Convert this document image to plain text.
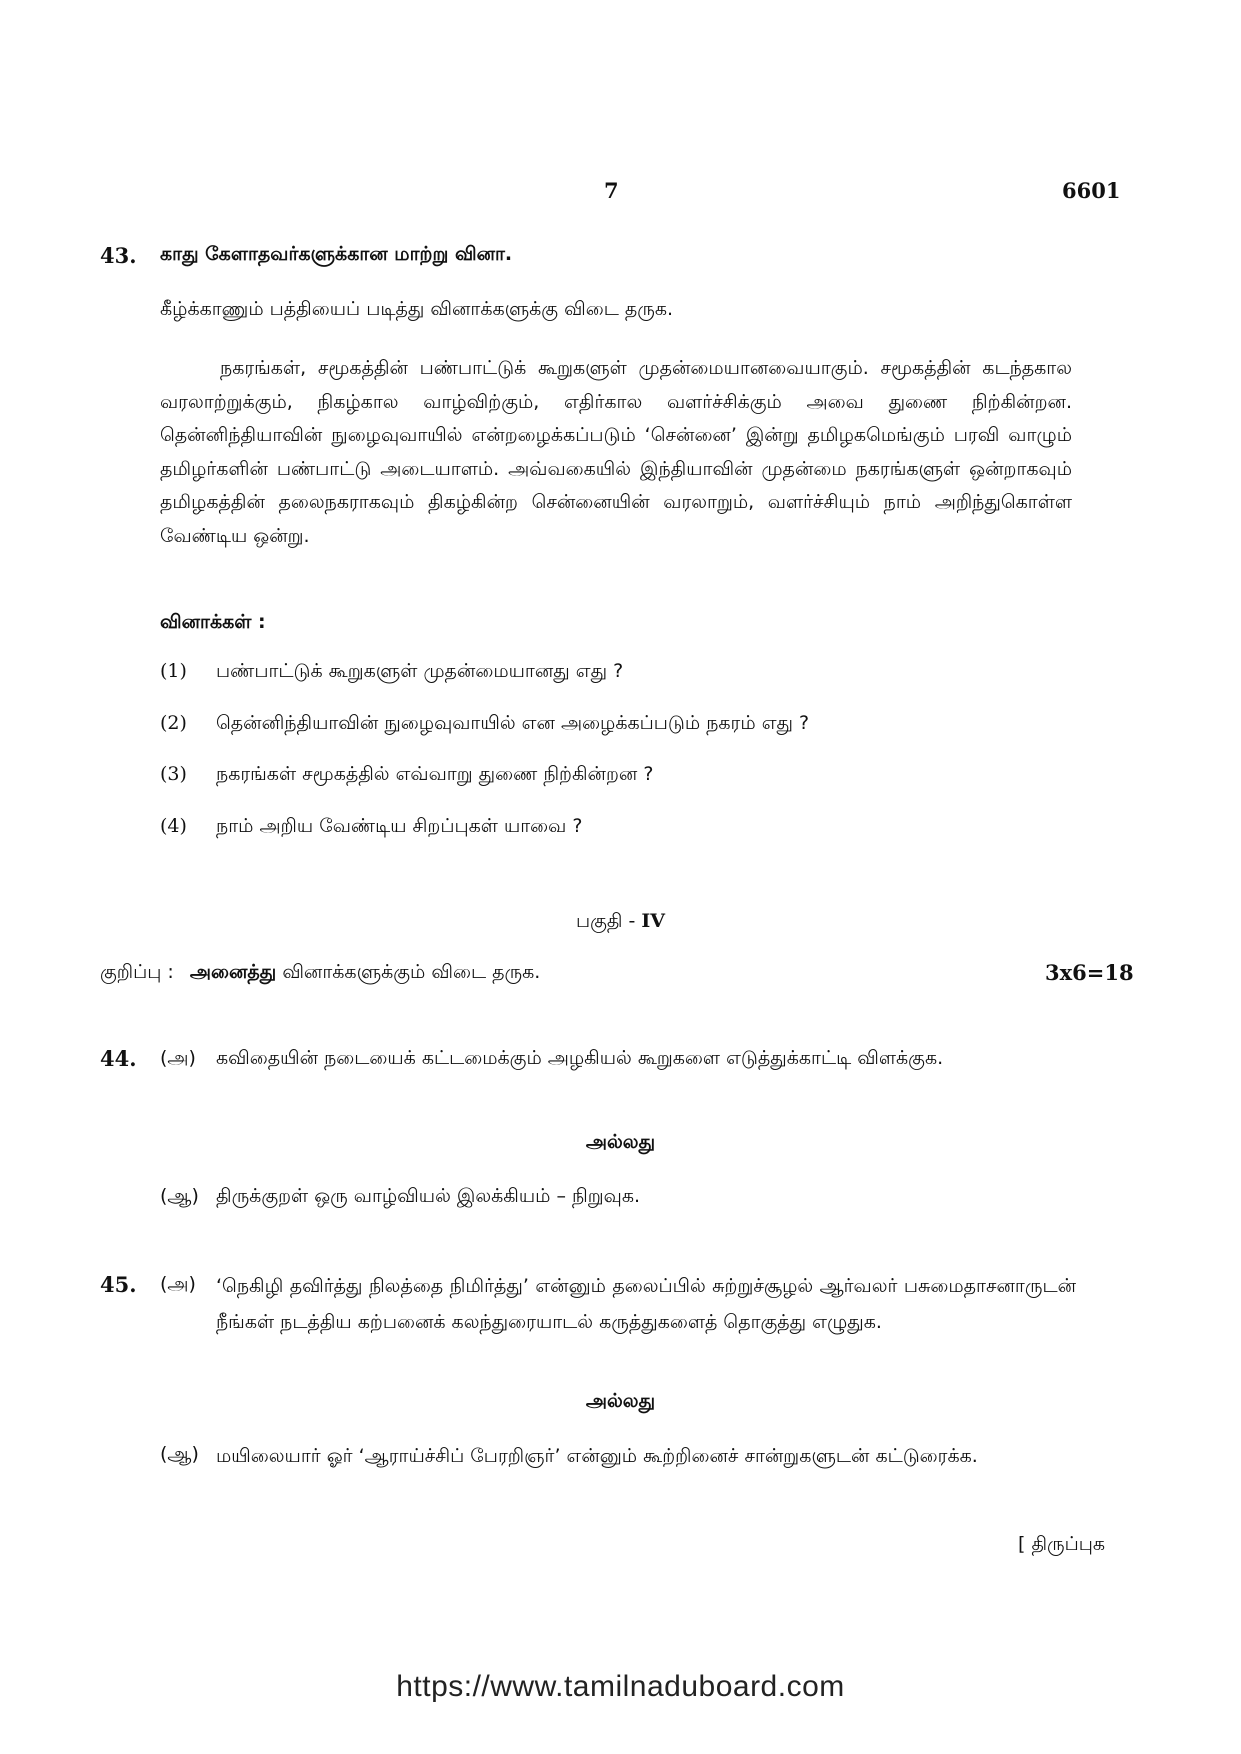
7	6601
43. காது கேளாதவர்களுக்கான மாற்று வினா.
கீழ்க்காணும் பத்தியைப் படித்து வினாக்களுக்கு விடை தருக.
நகரங்கள், சமூகத்தின் பண்பாட்டுக் கூறுகளுள் முதன்மையானவையாகும். சமூகத்தின் கடந்தகால வரலாற்றுக்கும், நிகழ்கால வாழ்விற்கும், எதிர்கால வளர்ச்சிக்கும் அவை துணை நிற்கின்றன. தென்னிந்தியாவின் நுழைவுவாயில் என்றழைக்கப்படும் ‘சென்னை’ இன்று தமிழகமெங்கும் பரவி வாழும் தமிழர்களின் பண்பாட்டு அடையாளம். அவ்வகையில் இந்தியாவின் முதன்மை நகரங்களுள் ஒன்றாகவும் தமிழகத்தின் தலைநகராகவும் திகழ்கின்ற சென்னையின் வரலாறும், வளர்ச்சியும் நாம் அறிந்துகொள்ள வேண்டிய ஒன்று.
வினாக்கள் :
(1) பண்பாட்டுக் கூறுகளுள் முதன்மையானது எது ?
(2) தென்னிந்தியாவின் நுழைவுவாயில் என அழைக்கப்படும் நகரம் எது ?
(3) நகரங்கள் சமூகத்தில் எவ்வாறு துணை நிற்கின்றன ?
(4) நாம் அறிய வேண்டிய சிறப்புகள் யாவை ?
பகுதி - IV
குறிப்பு : அனைத்து வினாக்களுக்கும் விடை தருக.	3x6=18
44. (அ) கவிதையின் நடையைக் கட்டமைக்கும் அழகியல் கூறுகளை எடுத்துக்காட்டி விளக்குக.
அல்லது
(ஆ) திருக்குறள் ஒரு வாழ்வியல் இலக்கியம் – நிறுவுக.
45. (அ) ‘நெகிழி தவிர்த்து நிலத்தை நிமிர்த்து’ என்னும் தலைப்பில் சுற்றுச்சூழல் ஆர்வலர் பசுமைதாசனாருடன் நீங்கள் நடத்திய கற்பனைக் கலந்துரையாடல் கருத்துகளைத் தொகுத்து எழுதுக.
அல்லது
(ஆ) மயிலையார் ஓர் ‘ஆராய்ச்சிப் பேரறிஞர்’ என்னும் கூற்றினைச் சான்றுகளுடன் கட்டுரைக்க.
[ திருப்புக
https://www.tamilnaduboard.com
